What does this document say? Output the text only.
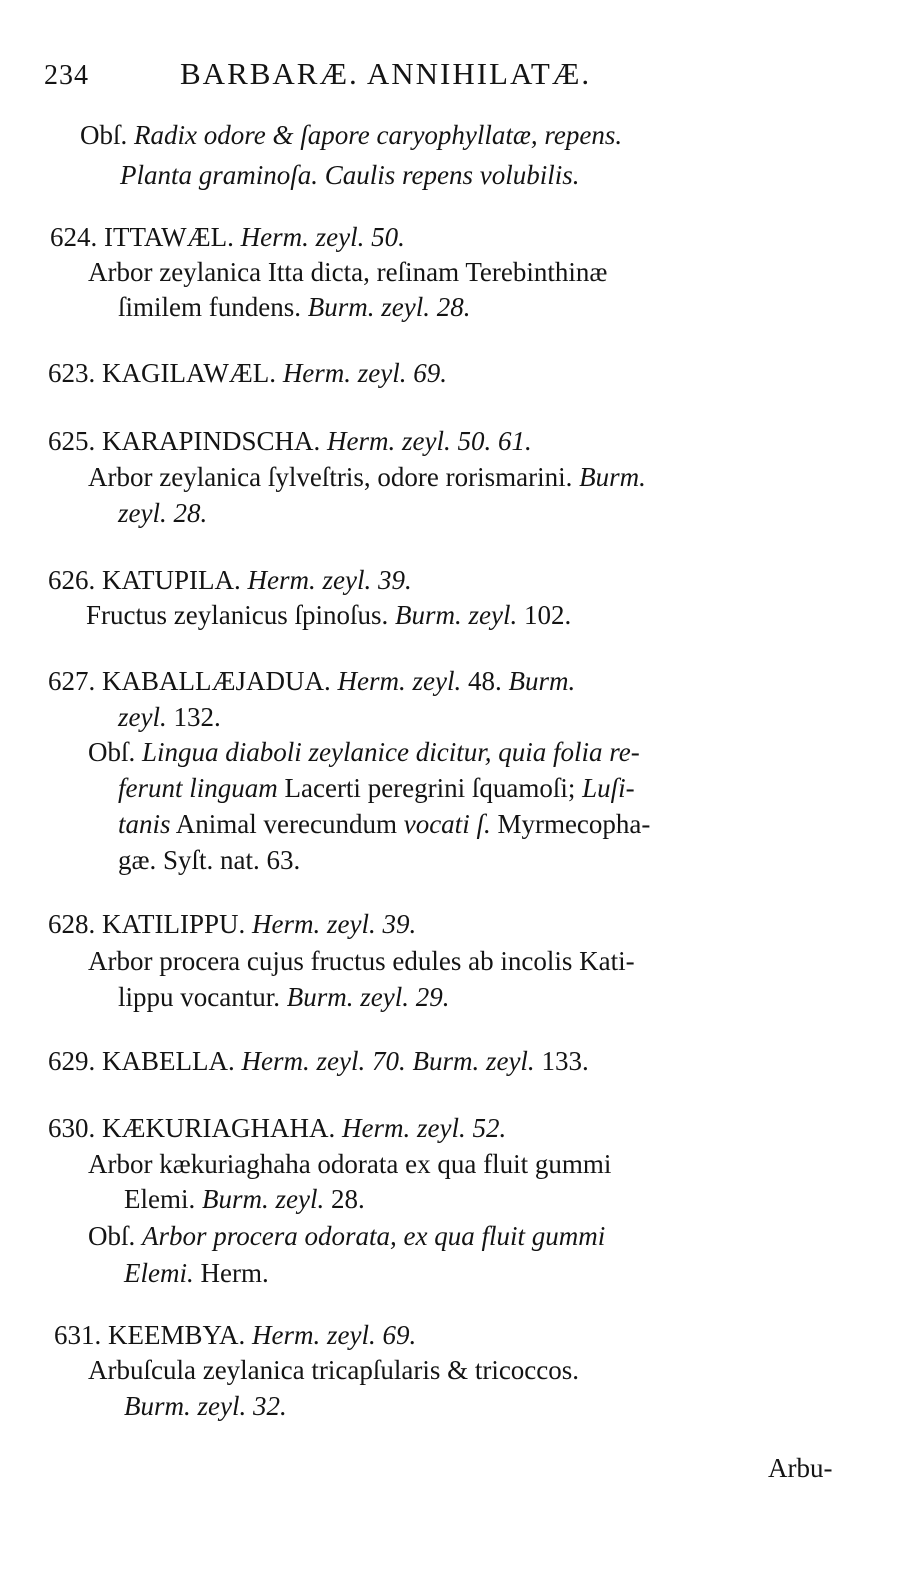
234	BARBARÆ. ANNIHILATÆ.
Obſ. Radix odore & ſapore caryophyllatæ, repens.
Planta graminoſa. Caulis repens volubilis.
624. ITTAWÆL. Herm. zeyl. 50.
Arbor zeylanica Itta dicta, reſinam Terebinthinæ
ſimilem fundens. Burm. zeyl. 28.
623. KAGILAWÆL. Herm. zeyl. 69.
625. KARAPINDSCHA. Herm. zeyl. 50. 61.
Arbor zeylanica ſylveſtris, odore rorismarini. Burm.
zeyl. 28.
626. KATUPILA. Herm. zeyl. 39.
Fructus zeylanicus ſpinoſus. Burm. zeyl. 102.
627. KABALLÆJADUA. Herm. zeyl. 48. Burm.
zeyl. 132.
Obſ. Lingua diaboli zeylanice dicitur, quia folia re-
ferunt linguam Lacerti peregrini ſquamoſi; Luſi-
tanis Animal verecundum vocati ſ. Myrmecopha-
gæ. Syſt. nat. 63.
628. KATILIPPU. Herm. zeyl. 39.
Arbor procera cujus fructus edules ab incolis Kati-
lippu vocantur. Burm. zeyl. 29.
629. KABELLA. Herm. zeyl. 70. Burm. zeyl. 133.
630. KÆKURIAGHAHA. Herm. zeyl. 52.
Arbor kækuriaghaha odorata ex qua fluit gummi
Elemi. Burm. zeyl. 28.
Obſ. Arbor procera odorata, ex qua fluit gummi
Elemi. Herm.
631. KEEMBYA. Herm. zeyl. 69.
Arbuſcula zeylanica tricapſularis & tricoccos.
Burm. zeyl. 32.
Arbu-
